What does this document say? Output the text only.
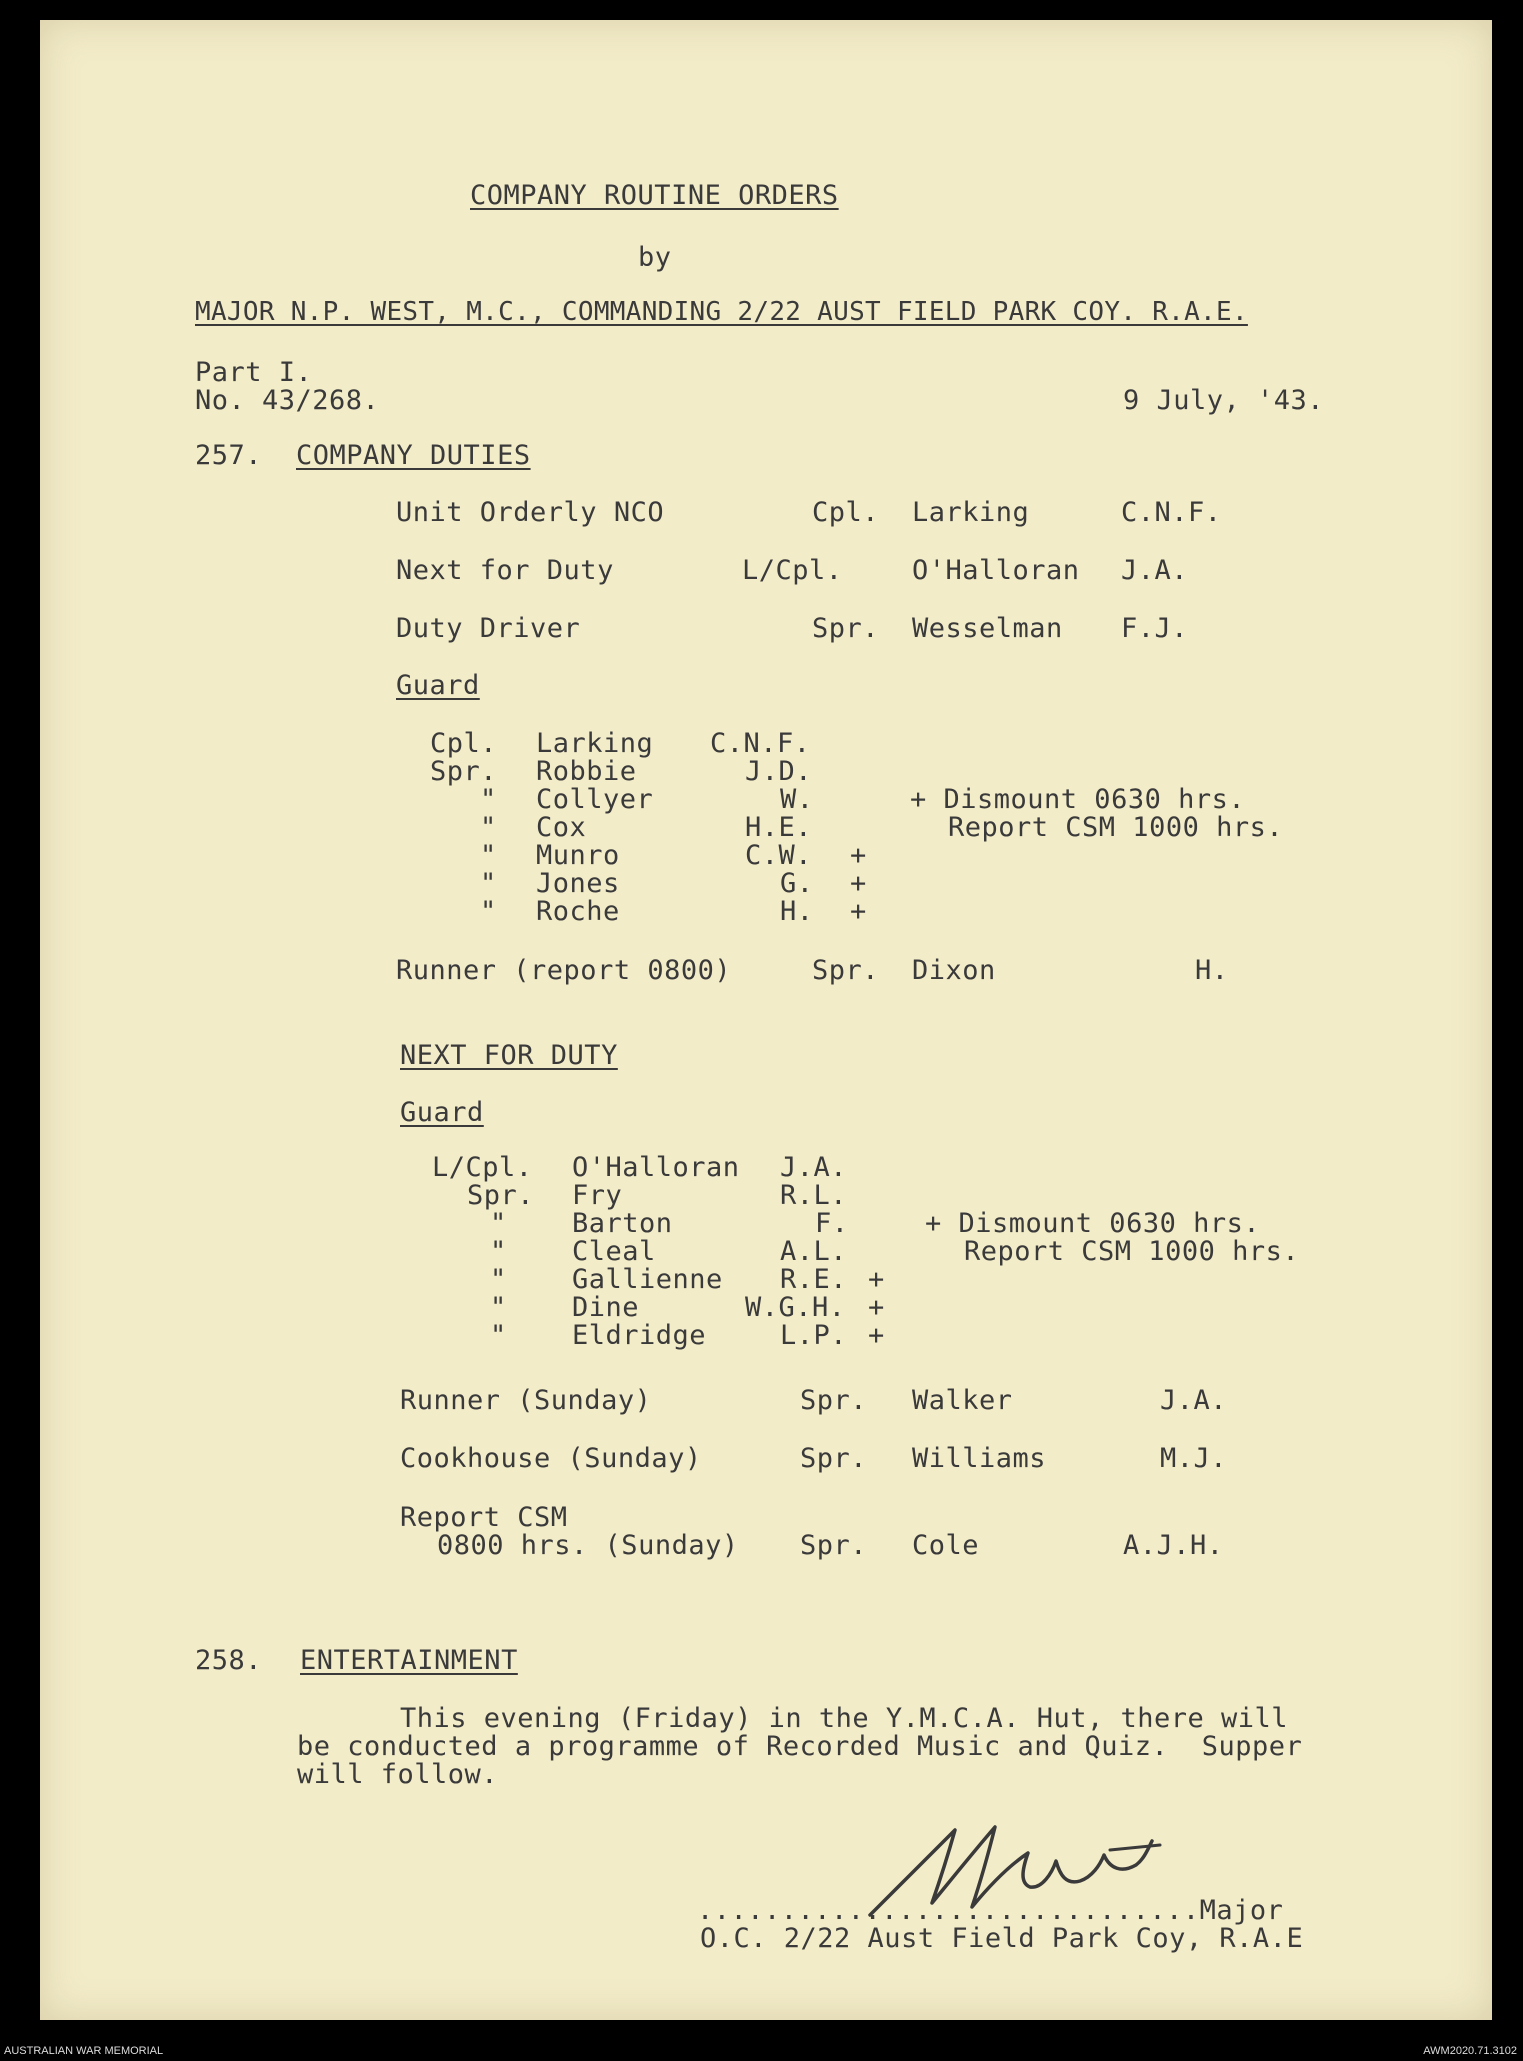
COMPANY ROUTINE ORDERS
by
MAJOR N.P. WEST, M.C., COMMANDING 2/22 AUST FIELD PARK COY. R.A.E.
Part I.
No. 43/268.	9 July, '43.
257. COMPANY DUTIES
Unit Orderly NCO	Cpl. Larking	C.N.F.
Next for Duty	L/Cpl.	O'Halloran J.A.
Duty Driver	Spr. Wesselman F.J.
Guard
Cpl. Larking C.N.F.
Spr. Robbie	J.D.
" Collyer	W.
" Cox	H.E.
" Munro	C.W. +
" Jones	G. +
" Roche	H. +
+ Dismount 0630 hrs.
Report CSM 1000 hrs.
Runner (report 0800)	Spr. Dixon	H.
NEXT FOR DUTY
Guard
L/Cpl. O'Halloran J.A.
Spr. Fry	R.L.
" Barton	F.
" Cleal	A.L.
" Gallienne R.E. +
" Dine	W.G.H. +
" Eldridge	L.P. +
+ Dismount 0630 hrs.
Report CSM 1000 hrs.
Runner (Sunday)	Spr. Walker	J.A.
Cookhouse (Sunday)	Spr. Williams	M.J.
Report CSM
0800 hrs. (Sunday) Spr. Cole	A.J.H.
258. ENTERTAINMENT
This evening (Friday) in the Y.M.C.A. Hut, there will
be conducted a programme of Recorded Music and Quiz.  Supper
will follow.
..............................Major
O.C. 2/22 Aust Field Park Coy, R.A.E
AUSTRALIAN WAR MEMORIAL	AWM2020.71.3102
